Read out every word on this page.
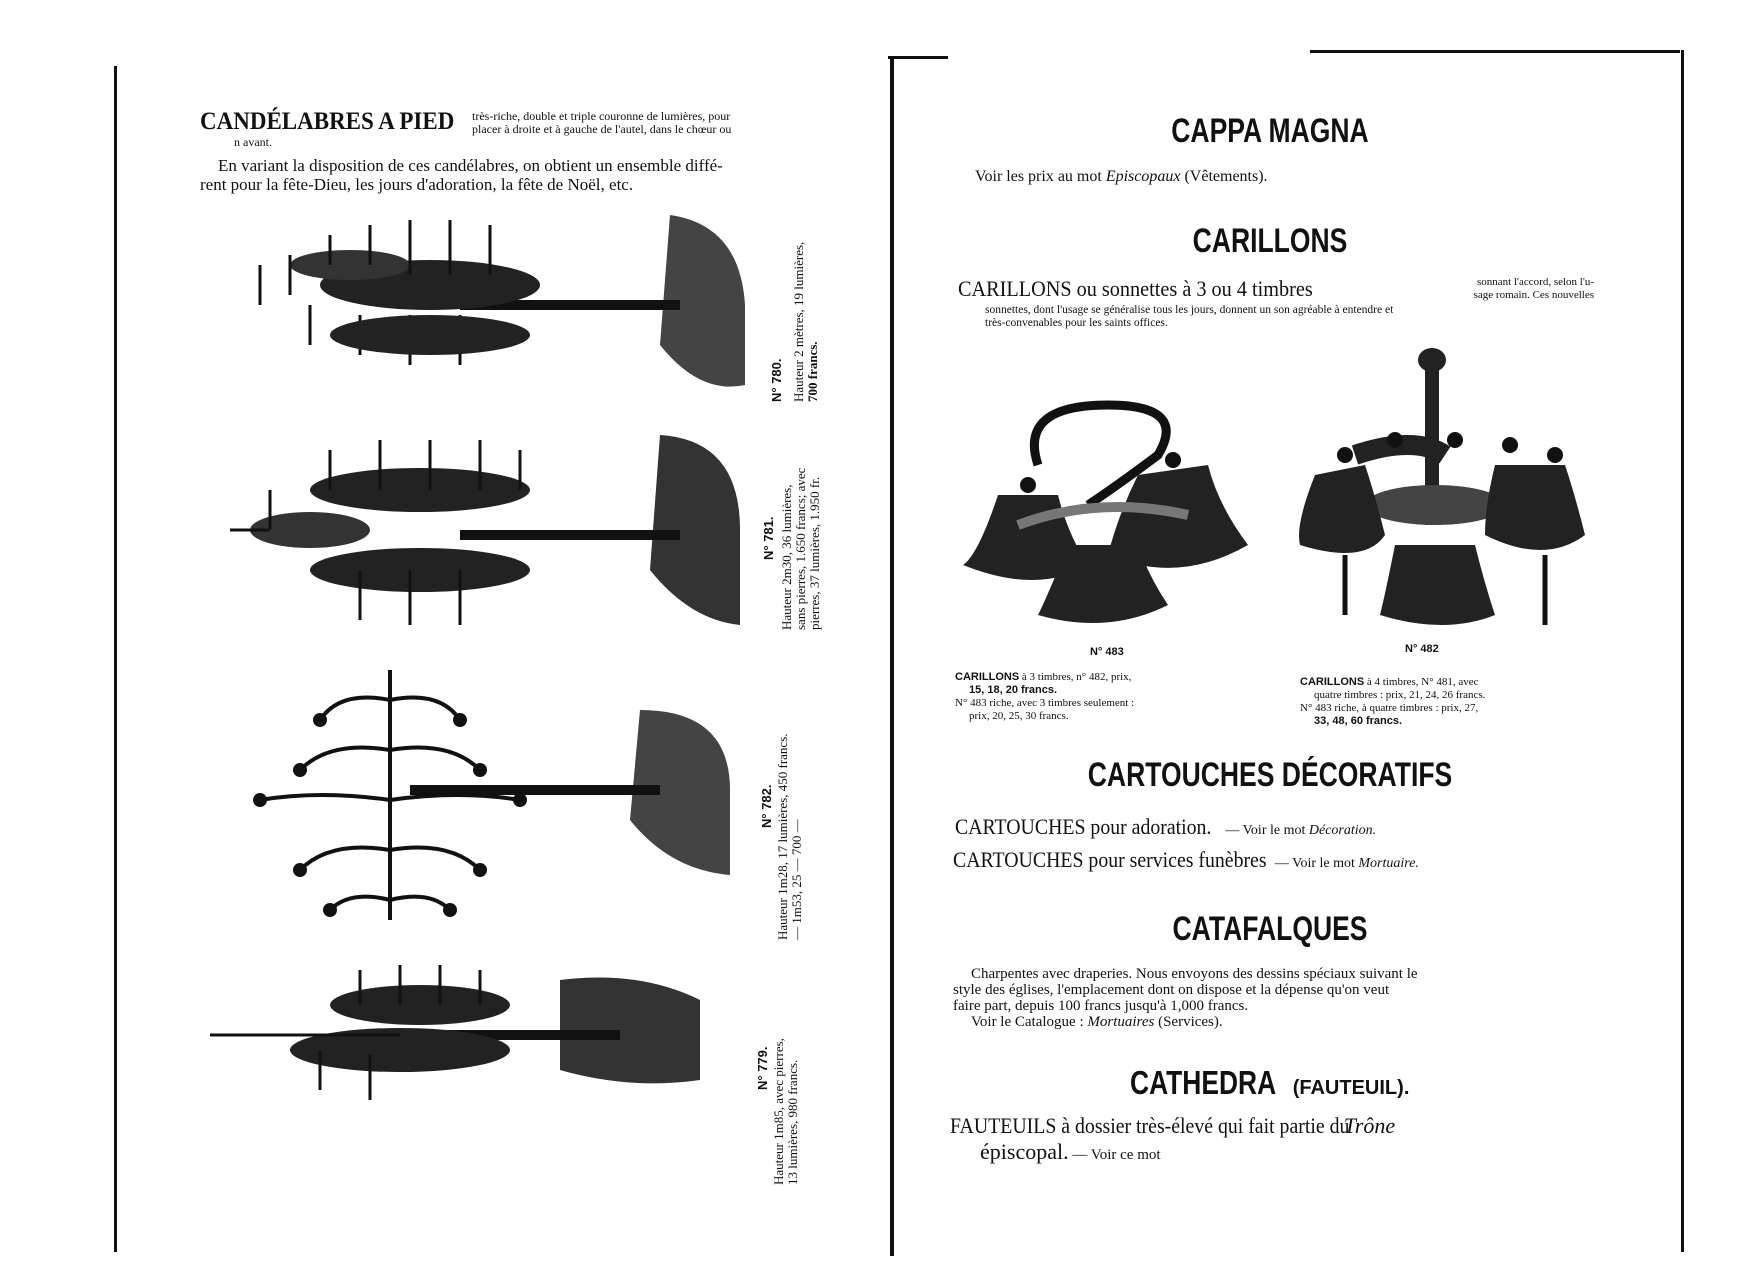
CANDÉLABRES A PIED	très-riche, double et triple couronne de lumières, pour
placer à droite et à gauche de l'autel, dans le chœur ou
n avant.
En variant la disposition de ces candélabres, on obtient un ensemble diffé-
rent pour la fête-Dieu, les jours d'adoration, la fête de Noël, etc.
N° 780. Hauteur 2 mètres, 19 lumières, 700 francs.
N° 781. Hauteur 2m30, 36 lumières, sans pierres, 1.650 francs; avec pierres, 37 lumières, 1.950 fr.
N° 782. Hauteur 1m28, 17 lumières, 450 francs. — 1m53, 25 — 700 —
N° 779. Hauteur 1m85, avec pierres, 13 lumières, 980 francs.
CAPPA MAGNA
Voir les prix au mot Episcopaux (Vêtements).
CARILLONS
CARILLONS ou sonnettes à 3 ou 4 timbres	sonnant l'accord, selon l'u-
sage romain. Ces nouvelles
sonnettes, dont l'usage se généralise tous les jours, donnent un son agréable à entendre et
très-convenables pour les saints offices.
N° 483	N° 482
CARILLONS à 3 timbres, n° 482, prix,
15, 18, 20 francs.
N° 483 riche, avec 3 timbres seulement :
prix, 20, 25, 30 francs.
CARILLONS à 4 timbres, N° 481, avec
quatre timbres : prix, 21, 24, 26 francs.
N° 483 riche, à quatre timbres : prix, 27,
33, 48, 60 francs.
CARTOUCHES DÉCORATIFS
CARTOUCHES pour adoration. — Voir le mot Décoration.
CARTOUCHES pour services funèbres — Voir le mot Mortuaire.
CATAFALQUES
Charpentes avec draperies. Nous envoyons des dessins spéciaux suivant le
style des églises, l'emplacement dont on dispose et la dépense qu'on veut
faire part, depuis 100 francs jusqu'à 1,000 francs.
Voir le Catalogue : Mortuaires (Services).
CATHEDRA (FAUTEUIL).
FAUTEUILS à dossier très-élevé qui fait partie duTrône
épiscopal. — Voir ce mot
